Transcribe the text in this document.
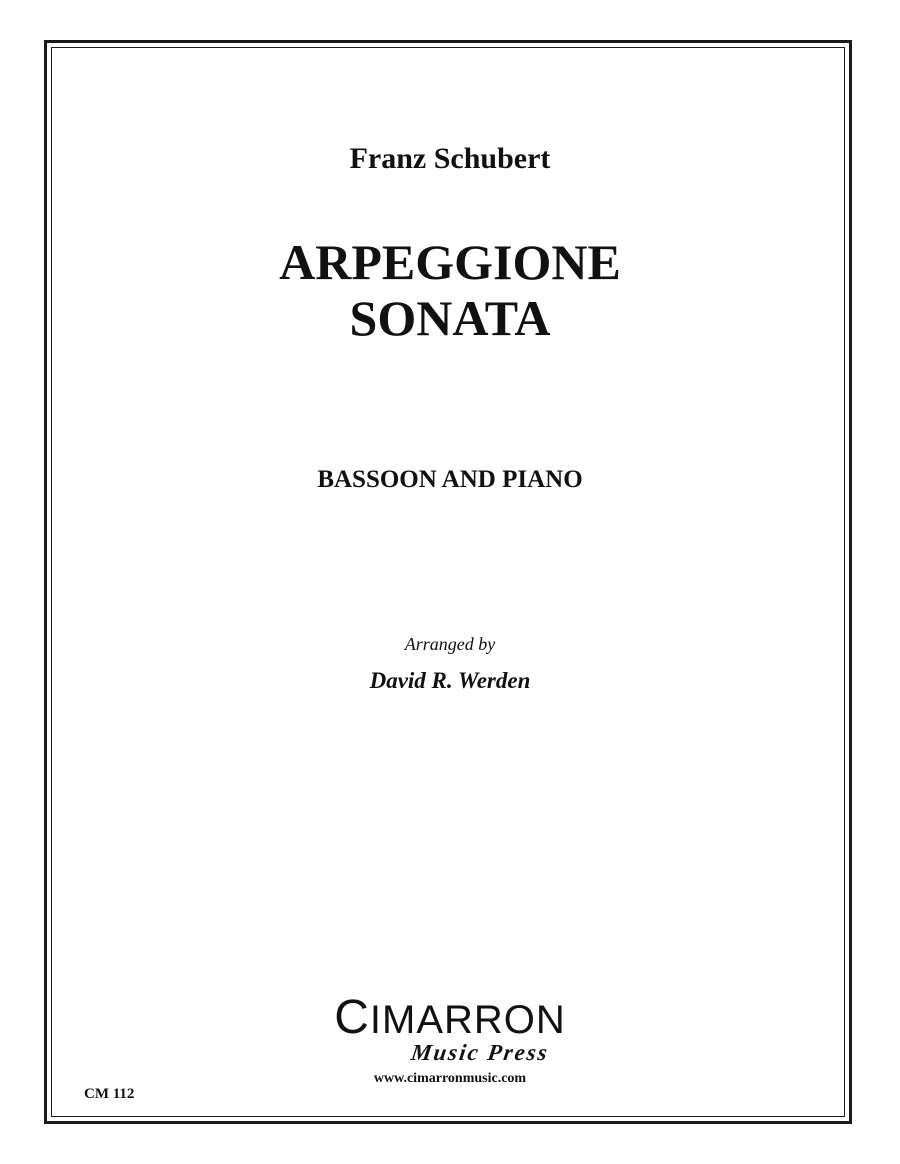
Franz Schubert

ARPEGGIONE
SONATA

BASSOON AND PIANO

Arranged by

David R. Werden

CIMARRON
Music Press

www.cimarronmusic.com

CM 112
